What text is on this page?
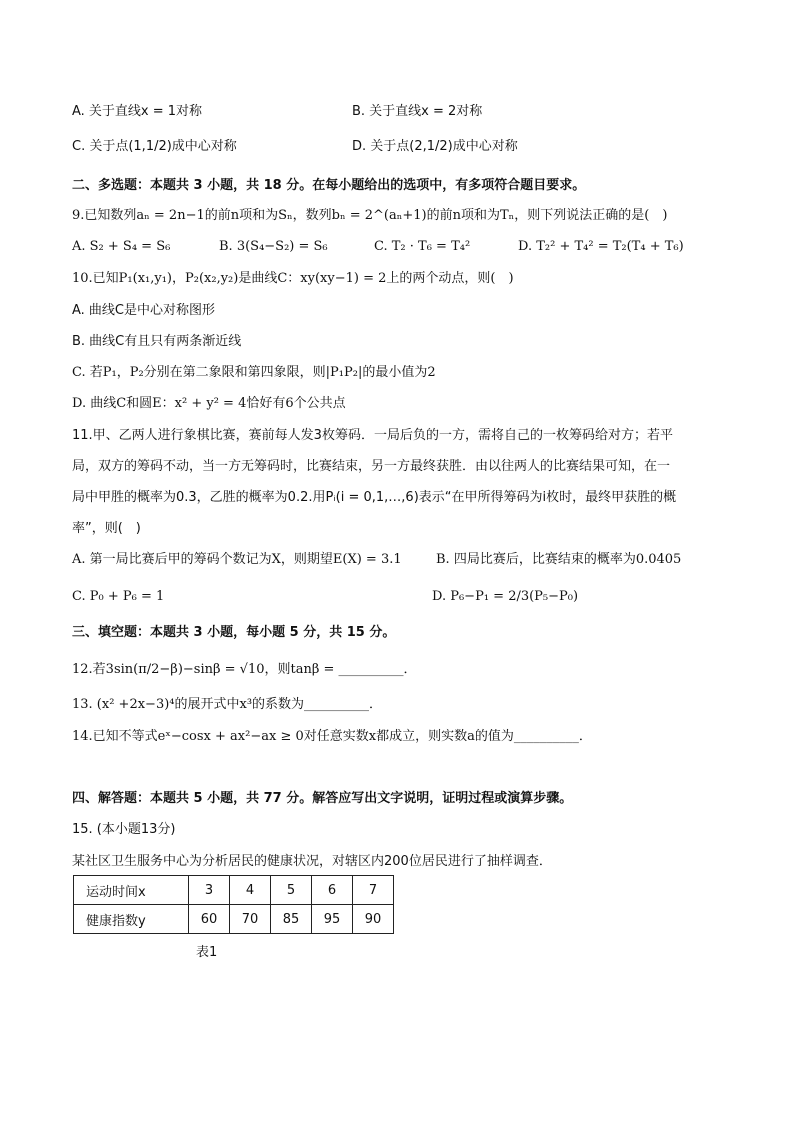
A. 关于直线x = 1对称	B. 关于直线x = 2对称
C. 关于点(1,1/2)成中心对称	D. 关于点(2,1/2)成中心对称
二、多选题：本题共 3 小题，共 18 分。在每小题给出的选项中，有多项符合题目要求。
9.已知数列aₙ = 2n−1的前n项和为Sₙ，数列bₙ = 2^(aₙ+1)的前n项和为Tₙ，则下列说法正确的是(　)
A. S₂ + S₄ = S₆	B. 3(S₄−S₂) = S₆	C. T₂ · T₆ = T₄²	D. T₂² + T₄² = T₂(T₄ + T₆)
10.已知P₁(x₁,y₁)，P₂(x₂,y₂)是曲线C：xy(xy−1) = 2上的两个动点，则(　)
A. 曲线C是中心对称图形
B. 曲线C有且只有两条渐近线
C. 若P₁，P₂分别在第二象限和第四象限，则|P₁P₂|的最小值为2
D. 曲线C和圆E：x² + y² = 4恰好有6个公共点
11.甲、乙两人进行象棋比赛，赛前每人发3枚筹码．一局后负的一方，需将自己的一枚筹码给对方；若平
局，双方的筹码不动，当一方无筹码时，比赛结束，另一方最终获胜．由以往两人的比赛结果可知，在一
局中甲胜的概率为0.3，乙胜的概率为0.2.用Pᵢ(i = 0,1,…,6)表示“在甲所得筹码为i枚时，最终甲获胜的概
率”，则(　)
A. 第一局比赛后甲的筹码个数记为X，则期望E(X) = 3.1	B. 四局比赛后，比赛结束的概率为0.0405
C. P₀ + P₆ = 1	D. P₆−P₁ = 2/3(P₅−P₀)
三、填空题：本题共 3 小题，每小题 5 分，共 15 分。
12.若3sin(π/2−β)−sinβ = √10，则tanβ = __________．
13. (x² +2x−3)⁴的展开式中x³的系数为__________．
14.已知不等式eˣ−cosx + ax²−ax ≥ 0对任意实数x都成立，则实数a的值为__________．
四、解答题：本题共 5 小题，共 77 分。解答应写出文字说明，证明过程或演算步骤。
15. (本小题13分)
某社区卫生服务中心为分析居民的健康状况，对辖区内200位居民进行了抽样调查．
运动时间x	3	4	5	6	7
健康指数y	60	70	85	95	90
表1
